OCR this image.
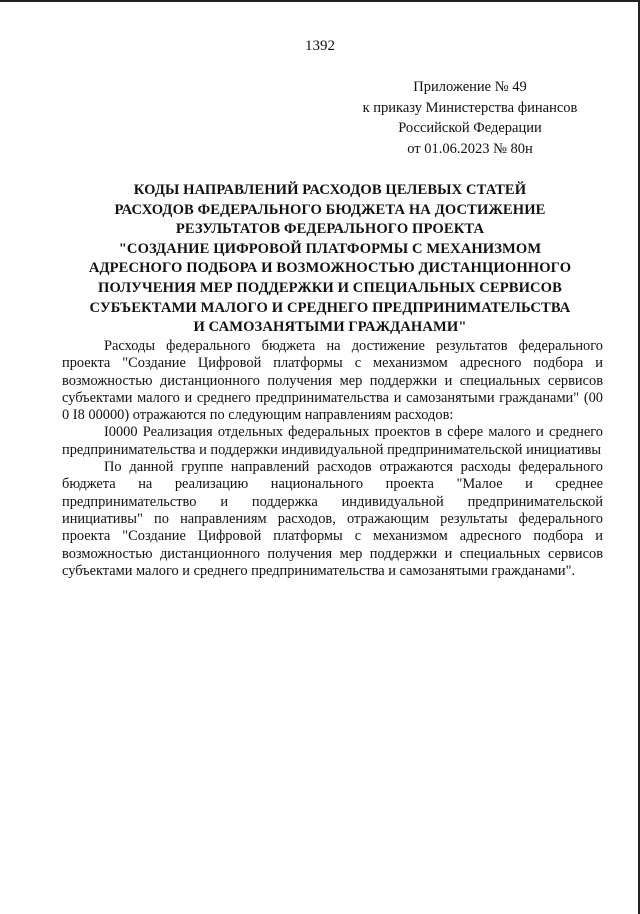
1392
Приложение № 49
к приказу Министерства финансов
Российской Федерации
от 01.06.2023 № 80н
КОДЫ НАПРАВЛЕНИЙ РАСХОДОВ ЦЕЛЕВЫХ СТАТЕЙ
РАСХОДОВ ФЕДЕРАЛЬНОГО БЮДЖЕТА НА ДОСТИЖЕНИЕ
РЕЗУЛЬТАТОВ ФЕДЕРАЛЬНОГО ПРОЕКТА
"СОЗДАНИЕ ЦИФРОВОЙ ПЛАТФОРМЫ С МЕХАНИЗМОМ
АДРЕСНОГО ПОДБОРА И ВОЗМОЖНОСТЬЮ ДИСТАНЦИОННОГО
ПОЛУЧЕНИЯ МЕР ПОДДЕРЖКИ И СПЕЦИАЛЬНЫХ СЕРВИСОВ
СУБЪЕКТАМИ МАЛОГО И СРЕДНЕГО ПРЕДПРИНИМАТЕЛЬСТВА
И САМОЗАНЯТЫМИ ГРАЖДАНАМИ"

Расходы федерального бюджета на достижение результатов федерального проекта "Создание Цифровой платформы с механизмом адресного подбора и возможностью дистанционного получения мер поддержки и специальных сервисов субъектами малого и среднего предпринимательства и самозанятыми гражданами" (00 0 I8 00000) отражаются по следующим направлениям расходов:

I0000 Реализация отдельных федеральных проектов в сфере малого и среднего предпринимательства и поддержки индивидуальной предпринимательской инициативы

По данной группе направлений расходов отражаются расходы федерального бюджета на реализацию национального проекта "Малое и среднее предпринимательство и поддержка индивидуальной предпринимательской инициативы" по направлениям расходов, отражающим результаты федерального проекта "Создание Цифровой платформы с механизмом адресного подбора и возможностью дистанционного получения мер поддержки и специальных сервисов субъектами малого и среднего предпринимательства и самозанятыми гражданами".
